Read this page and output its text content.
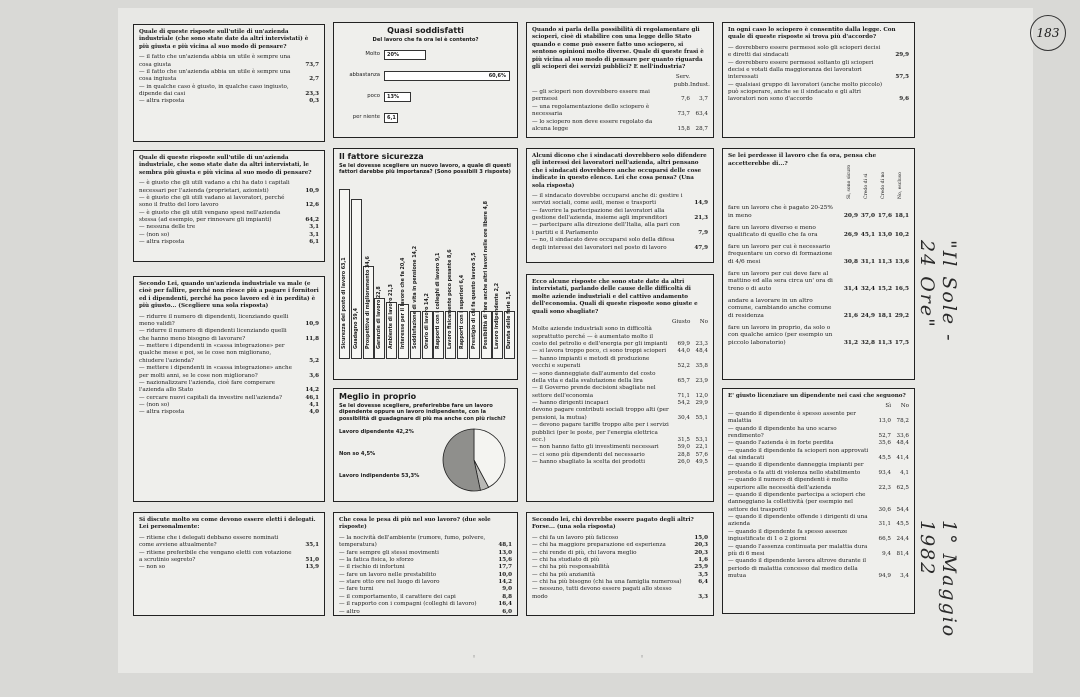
Quale di queste risposte sull'utile di un'azienda industriale (che sono state date da altri intervistati) è più giusta e più vicina al suo modo di pensare?

— il fatto che un'azienda abbia un utile è sempre una cosa giusta	73,7
— il fatto che un'azienda abbia un utile è sempre una cosa ingiusta	2,7
— in qualche caso è giusto, in qualche caso ingiusto, dipende dai casi	23,3
— altra risposta	0,3
Quasi soddisfatti
Del lavoro che fa ora lei è contento?
Molto	20%
abbastanza	60,6%
poco	13%
per niente	6,1

Quando si parla della possibilità di regolamentare gli scioperi, cioè di stabilire con una legge dello Stato quando e come può essere fatto uno sciopero, si sentono opinioni molto diverse. Quale di queste frasi è più vicina al suo modo di pensare per quanto riguarda gli scioperi dei servizi pubblici? E nell'industria?

Serv. pubb. Indust.
— gli scioperi non dovrebbero essere mai permessi	7,6	3,7
— una regolamentazione dello sciopero è necessaria	73,7 63,4
— lo sciopero non deve essere regolato da alcuna legge	15,8 28,7

In ogni caso lo sciopero è consentito dalla legge. Con quale di queste risposte si trova più d'accordo?

— dovrebbero essere permessi solo gli scioperi decisi e diretti dai sindacati	29,9
— dovrebbero essere permessi soltanto gli scioperi decisi e votati dalla maggioranza dei lavoratori interessati	57,5
— qualsiasi gruppo di lavoratori (anche molto piccolo) può scioperare, anche se il sindacato e gli altri lavoratori non sono d'accordo	9,6

Quale di queste risposte sull'utile di un'azienda industriale, che sono state date da altri intervistati, le sembra più giusta e più vicina al suo modo di pensare?

— è giusto che gli utili vadano a chi ha dato i capitali necessari per l'azienda (proprietari, azionisti)	10,9
— è giusto che gli utili vadano ai lavoratori, perché sono il frutto del loro lavoro	12,6
— è giusto che gli utili vengano spesi nell'azienda stessa (ad esempio, per rinnovare gli impianti)	64,2
— nessuna delle tre	3,1
— (non so)	3,1
— altra risposta	6,1
Il fattore sicurezza
Se lei dovesse scegliere un nuovo lavoro, a quale di questi fattori darebbe più importanza? (Sono possibili 3 risposte)
Sicurezza del posto di lavoro 63,1
Guadagno 59,4 Prospettive di miglioramento 34,6
Garanzie di lavoro 22,8
Ambiente di lavoro 21,3 Interesse per il lavoro che fa 20,4 Soddisfazione di vita in pensione 14,2
Orario di lavoro 14,2 Rapporti con i colleghi di lavoro 9,1
Lavoro fisicamente poco pesante 8,6
Rapporti con i superiori 6,4 Prestigio di chi fa questo lavoro 5,5 Possibilità di fare anche altri lavori nelle ore libere 4,8
Lavoro indipendente 2,2
Durata delle ferie 1,5

Alcuni dicono che i sindacati dovrebbero solo difendere gli interessi dei lavoratori nell'azienda, altri pensano che i sindacati dovrebbero anche occuparsi delle cose indicate in questo elenco. Lei che cosa pensa? (Una sola risposta)

— il sindacato dovrebbe occuparsi anche di: gestire i servizi sociali, come asili, mense e trasporti	14,9
— favorire la partecipazione dei lavoratori alla gestione dell'azienda, insieme agli imprenditori	21,3
— partecipare alla direzione dell'Italia, alla pari con i partiti e il Parlamento	7,9
— no, il sindacato deve occuparsi solo della difesa degli interessi dei lavoratori nel posto di lavoro	47,9

Se lei perdesse il lavoro che fa ora, pensa che accetterebbe di...?

Sì, sono sicuro	Credo di sì	Credo di no	No, escluso
fare un lavoro che è pagato 20-25% in meno	20,9 37,0 17,6 18,1
fare un lavoro diverso e meno qualificato di quello che fa ora	26,9 45,1 13,0 10,2
fare un lavoro per cui è necessario frequentare un corso di formazione di 4/6 mesi	30,8 31,1 11,3 13,6
fare un lavoro per cui deve fare al mattino ed alla sera circa un' ora di treno o di auto	31,4 32,4 15,2 16,5
andare a lavorare in un altro comune, cambiando anche comune di residenza	21,6 24,9 18,1 29,2
fare un lavoro in proprio, da solo o con qualche amico (per esempio un piccolo laboratorio)	31,2 32,8 11,3 17,5

Secondo Lei, quando un'azienda industriale va male (e cioè per fallire, perché non riesce più a pagare i fornitori ed i dipendenti, perché ha poco lavoro ed è in perdita) è più giusto... (Scegliere una sola risposta)

— ridurre il numero di dipendenti, licenziando quelli meno validi?	10,9
— ridurre il numero di dipendenti licenziando quelli che hanno meno bisogno di lavorare?	11,8
— mettere i dipendenti in «cassa integrazione» per qualche mese e poi, se le cose non migliorano, chiudere l'azienda?	5,2
— mettere i dipendenti in «cassa integrazione» anche per molti anni, se le cose non migliorano?	3,6
— nazionalizzare l'azienda, cioè fare comperare l'azienda allo Stato	14,2
— cercare nuovi capitali da investire nell'azienda?	46,1
— (non so)	4,1
— altra risposta	4,0

Ecco alcune risposte che sono state date da altri intervistati, parlando delle cause delle difficoltà di molte aziende industriali e del cattivo andamento dell'economia. Quali di queste risposte sono giuste e quali sono sbagliate?

Giusto	No
Molte aziende industriali sono in difficoltà soprattutto perché — è aumentato molto il costo del petrolio e dell'energia per gli impianti	69,9 23,3
— si lavora troppo poco, ci sono troppi scioperi	44,0 48,4
— hanno impianti e metodi di produzione vecchi e superati	52,2 35,8
— sono danneggiate dall'aumento del costo della vita e dalla svalutazione della lira	65,7 23,9
— il Governo prende decisioni sbagliate nel settore dell'economia	71,1 12,0
— hanno dirigenti incapaci	54,2 29,9
devono pagare contributi sociali troppo alti (per pensioni, la mutua)	30,4 55,1
— devono pagare tariffe troppo alte per i servizi pubblici (per le poste, per l'energia elettrica ecc.)	31,5 53,1
— non hanno fatto gli investimenti necessari	59,0 22,1
— ci sono più dipendenti del necessario	28,8 57,6
— hanno sbagliato la scelta dei prodotti	26,0 49,5
Meglio in proprio
Se lei dovesse scegliere, preferirebbe fare un lavoro dipendente oppure un lavoro indipendente, con la possibilità di guadagnare di più ma anche con più rischi?
Lavoro dipendente 42,2%
Non so 4,5%
Lavoro indipendente 53,3%

E' giusto licenziare un dipendente nei casi che seguono?

Sì	No
— quando il dipendente è spesso assente per malattia	13,0 78,2
— quando il dipendente ha uno scarso rendimento?	52,7 33,6
— quando l'azienda è in forte perdita	35,6 48,4
— quando il dipendente fa scioperi non approvati dai sindacati	45,5 41,4
— quando il dipendente danneggia impianti per protesta o fa atti di violenza nello stabilimento	93,4	4,1
— quando il numero di dipendenti è molto superiore alle necessità dell'azienda	22,3 62,5
— quando il dipendente partecipa a scioperi che danneggiano la collettività (per esempio nel settore dei trasporti)	30,6 54,4
— quando il dipendente offende i dirigenti di una azienda	31,1 45,5
— quando il dipendente fa spesso assenze ingiustificate di 1 o 2 giorni	66,5 24,4
— quando l'assenza continuata per malattia dura più di 6 mesi	9,4 81,4
— quando il dipendente lavora altrove durante il periodo di malattia concesso dal medico della mutua	94,9	3,4

Si discute molto su come devono essere eletti i delegati. Lei personalmente:

— ritiene che i delegati debbano essere nominati come avviene attualmente?	35,1
— ritiene preferibile che vengano eletti con votazione a scrutinio segreto?	51,0
— non so	13,9

Che cosa le pesa di più nel suo lavoro? (due sole risposte)

— la nocività dell'ambiente (rumore, fumo, polvere, temperatura)	48,1
— fare sempre gli stessi movimenti	13,0
— la fatica fisica, lo sforzo	15,6
— il rischio di infortuni	17,7
— fare un lavoro nelle prestabilito	10,0
— stare otto ore nel luogo di lavoro	14,2
— fare turni	9,0
— il comportamento, il carattere dei capi	8,8
— il rapporto con i compagni (colleghi di lavoro)	16,4
— altro	6,0

Secondo lei, chi dovrebbe essere pagato degli altri? Forse... (una sola risposta)

— chi fa un lavoro più faticoso	15,0
— chi ha maggiore preparazione ed esperienza	20,3
— chi rende di più, chi lavora meglio	20,3
— chi ha studiato di più	1,6
— chi ha più responsabilità	25,9
— chi ha più anzianità	3,5
— chi ha più bisogno (chi ha una famiglia numerosa)	6,4
— nessuno, tutti devono essere pagati allo stesso modo	3,3
183
"Il Sole - 24 Ore"
1° Maggio 1982
◦	◦
